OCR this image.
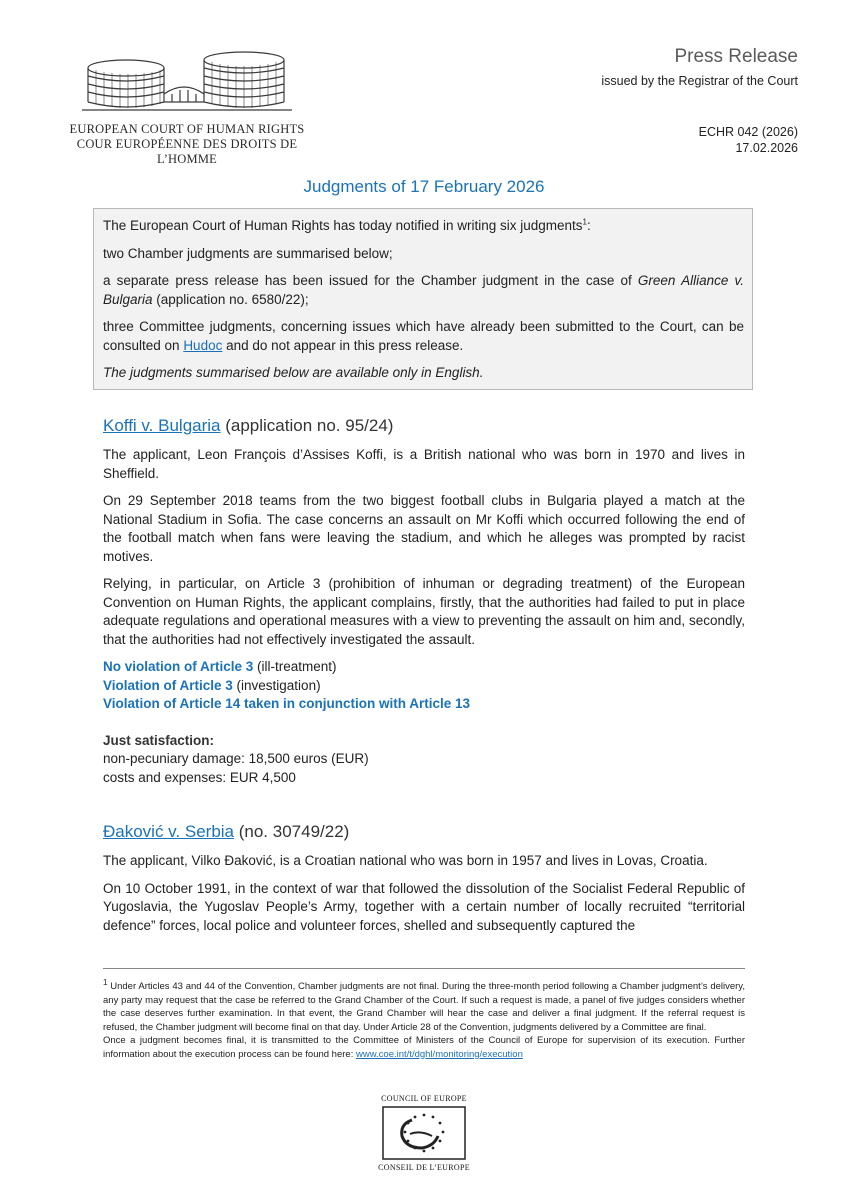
EUROPEAN COURT OF HUMAN RIGHTS
COUR EUROPÉENNE DES DROITS DE L’HOMME
Press Release
issued by the Registrar of the Court
ECHR 042 (2026)
17.02.2026
Judgments of 17 February 2026

The European Court of Human Rights has today notified in writing six judgments$^1$:

two Chamber judgments are summarised below;

a separate press release has been issued for the Chamber judgment in the case of Green Alliance v. Bulgaria (application no. 6580/22);

three Committee judgments, concerning issues which have already been submitted to the Court, can be consulted on Hudoc and do not appear in this press release.

The judgments summarised below are available only in English.

Koffi v. Bulgaria (application no. 95/24)

The applicant, Leon François d’Assises Koffi, is a British national who was born in 1970 and lives in Sheffield.

On 29 September 2018 teams from the two biggest football clubs in Bulgaria played a match at the National Stadium in Sofia. The case concerns an assault on Mr Koffi which occurred following the end of the football match when fans were leaving the stadium, and which he alleges was prompted by racist motives.

Relying, in particular, on Article 3 (prohibition of inhuman or degrading treatment) of the European Convention on Human Rights, the applicant complains, firstly, that the authorities had failed to put in place adequate regulations and operational measures with a view to preventing the assault on him and, secondly, that the authorities had not effectively investigated the assault.

No violation of Article 3 (ill-treatment)
Violation of Article 3 (investigation)
Violation of Article 14 taken in conjunction with Article 13
Just satisfaction:
non-pecuniary damage: 18,500 euros (EUR)
costs and expenses: EUR 4,500
Đaković v. Serbia (no. 30749/22)

The applicant, Vilko Đaković, is a Croatian national who was born in 1957 and lives in Lovas, Croatia.

On 10 October 1991, in the context of war that followed the dissolution of the Socialist Federal Republic of Yugoslavia, the Yugoslav People’s Army, together with a certain number of locally recruited “territorial defence” forces, local police and volunteer forces, shelled and subsequently captured the

$^1$ Under Articles 43 and 44 of the Convention, Chamber judgments are not final. During the three-month period following a Chamber judgment’s delivery, any party may request that the case be referred to the Grand Chamber of the Court. If such a request is made, a panel of five judges considers whether the case deserves further examination. In that event, the Grand Chamber will hear the case and deliver a final judgment. If the referral request is refused, the Chamber judgment will become final on that day. Under Article 28 of the Convention, judgments delivered by a Committee are final.

Once a judgment becomes final, it is transmitted to the Committee of Ministers of the Council of Europe for supervision of its execution. Further information about the execution process can be found here: www.coe.int/t/dghl/monitoring/execution

COUNCIL OF EUROPE
CONSEIL DE L’EUROPE
